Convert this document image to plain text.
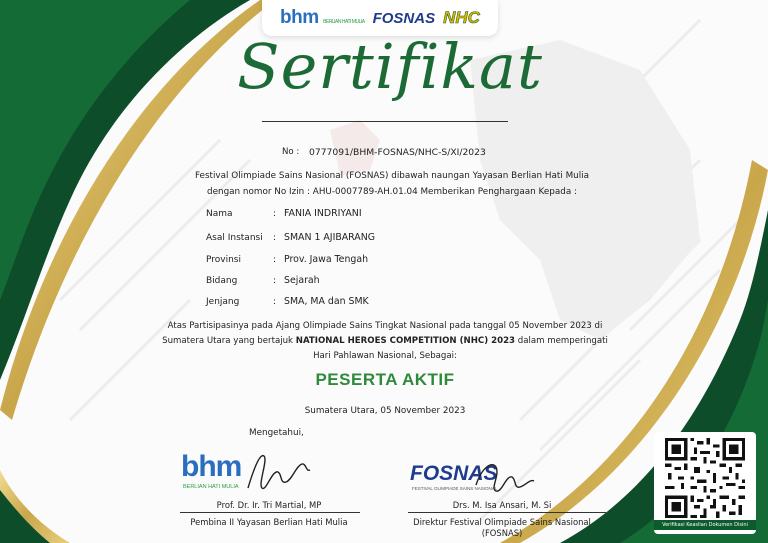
bhm BERLIAN HATI MULIA FOSNAS NHC
Sertifikat
No : 0777091/BHM-FOSNAS/NHC-S/XI/2023
Festival Olimpiade Sains Nasional (FOSNAS) dibawah naungan Yayasan Berlian Hati Mulia
dengan nomor No Izin : AHU-0007789-AH.01.04 Memberikan Penghargaan Kepada :
Nama	: FANIA INDRIYANI
Asal Instansi : SMAN 1 AJIBARANG
Provinsi	: Prov. Jawa Tengah
Bidang	: Sejarah
Jenjang	: SMA, MA dan SMK
Atas Partisipasinya pada Ajang Olimpiade Sains Tingkat Nasional pada tanggal 05 November 2023 di
Sumatera Utara yang bertajuk NATIONAL HEROES COMPETITION (NHC) 2023 dalam memperingati
Hari Pahlawan Nasional, Sebagai:
PESERTA AKTIF
Sumatera Utara, 05 November 2023
Mengetahui,
bhm
BERLIAN HATI MULIA
Prof. Dr. Ir. Tri Martial, MP
Pembina II Yayasan Berlian Hati Mulia
FOSNAS
FESTIVAL OLIMPIADE SAINS NASIONAL
Drs. M. Isa Ansari, M. Si
Direktur Festival Olimpiade Sains Nasional
(FOSNAS)
Verifikasi Keaslian Dokumen Disini
